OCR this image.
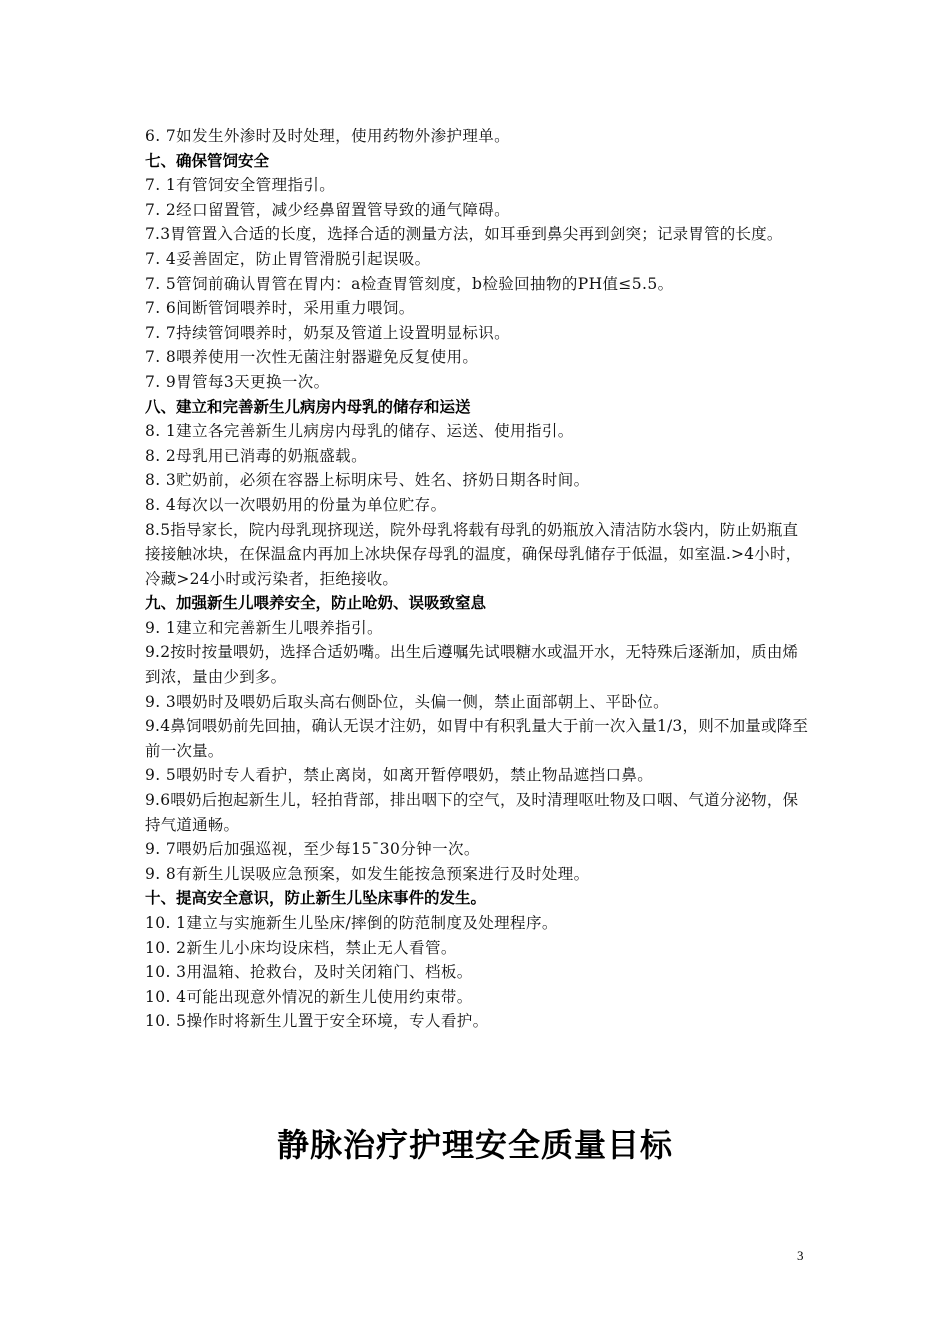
6. 7如发生外渗时及时处理，使用药物外渗护理单。
七、确保管饲安全
7. 1有管饲安全管理指引。
7. 2经口留置管，减少经鼻留置管导致的通气障碍。
7.3胃管置入合适的长度，选择合适的测量方法，如耳垂到鼻尖再到剑突；记录胃管的长度。
7. 4妥善固定，防止胃管滑脱引起误吸。
7. 5管饲前确认胃管在胃内：a检查胃管刻度，b检验回抽物的PH值≤5.5。
7. 6间断管饲喂养时，采用重力喂饲。
7. 7持续管饲喂养时，奶泵及管道上设置明显标识。
7. 8喂养使用一次性无菌注射器避免反复使用。
7. 9胃管每3天更换一次。
八、建立和完善新生儿病房内母乳的储存和运送
8. 1建立各完善新生儿病房内母乳的储存、运送、使用指引。
8. 2母乳用已消毒的奶瓶盛载。
8. 3贮奶前，必须在容器上标明床号、姓名、挤奶日期各时间。
8. 4每次以一次喂奶用的份量为单位贮存。
8.5指导家长，院内母乳现挤现送，院外母乳将载有母乳的奶瓶放入清洁防水袋内，防止奶瓶直接接触冰块，在保温盒内再加上冰块保存母乳的温度，确保母乳储存于低温，如室温.>4小时，冷藏>24小时或污染者，拒绝接收。
九、加强新生儿喂养安全，防止呛奶、误吸致窒息
9. 1建立和完善新生儿喂养指引。
9.2按时按量喂奶，选择合适奶嘴。出生后遵嘱先试喂糖水或温开水，无特殊后逐渐加，质由烯到浓，量由少到多。
9. 3喂奶时及喂奶后取头高右侧卧位，头偏一侧，禁止面部朝上、平卧位。
9.4鼻饲喂奶前先回抽，确认无误才注奶，如胃中有积乳量大于前一次入量1/3，则不加量或降至前一次量。
9. 5喂奶时专人看护，禁止离岗，如离开暂停喂奶，禁止物品遮挡口鼻。
9.6喂奶后抱起新生儿，轻拍背部，排出咽下的空气，及时清理呕吐物及口咽、气道分泌物，保持气道通畅。
9. 7喂奶后加强巡视，至少每15¯30分钟一次。
9. 8有新生儿误吸应急预案，如发生能按急预案进行及时处理。
十、提高安全意识，防止新生儿坠床事件的发生。
10. 1建立与实施新生儿坠床/摔倒的防范制度及处理程序。
10. 2新生儿小床均设床档，禁止无人看管。
10. 3用温箱、抢救台，及时关闭箱门、档板。
10. 4可能出现意外情况的新生儿使用约束带。
10. 5操作时将新生儿置于安全环境，专人看护。
静脉治疗护理安全质量目标
3
